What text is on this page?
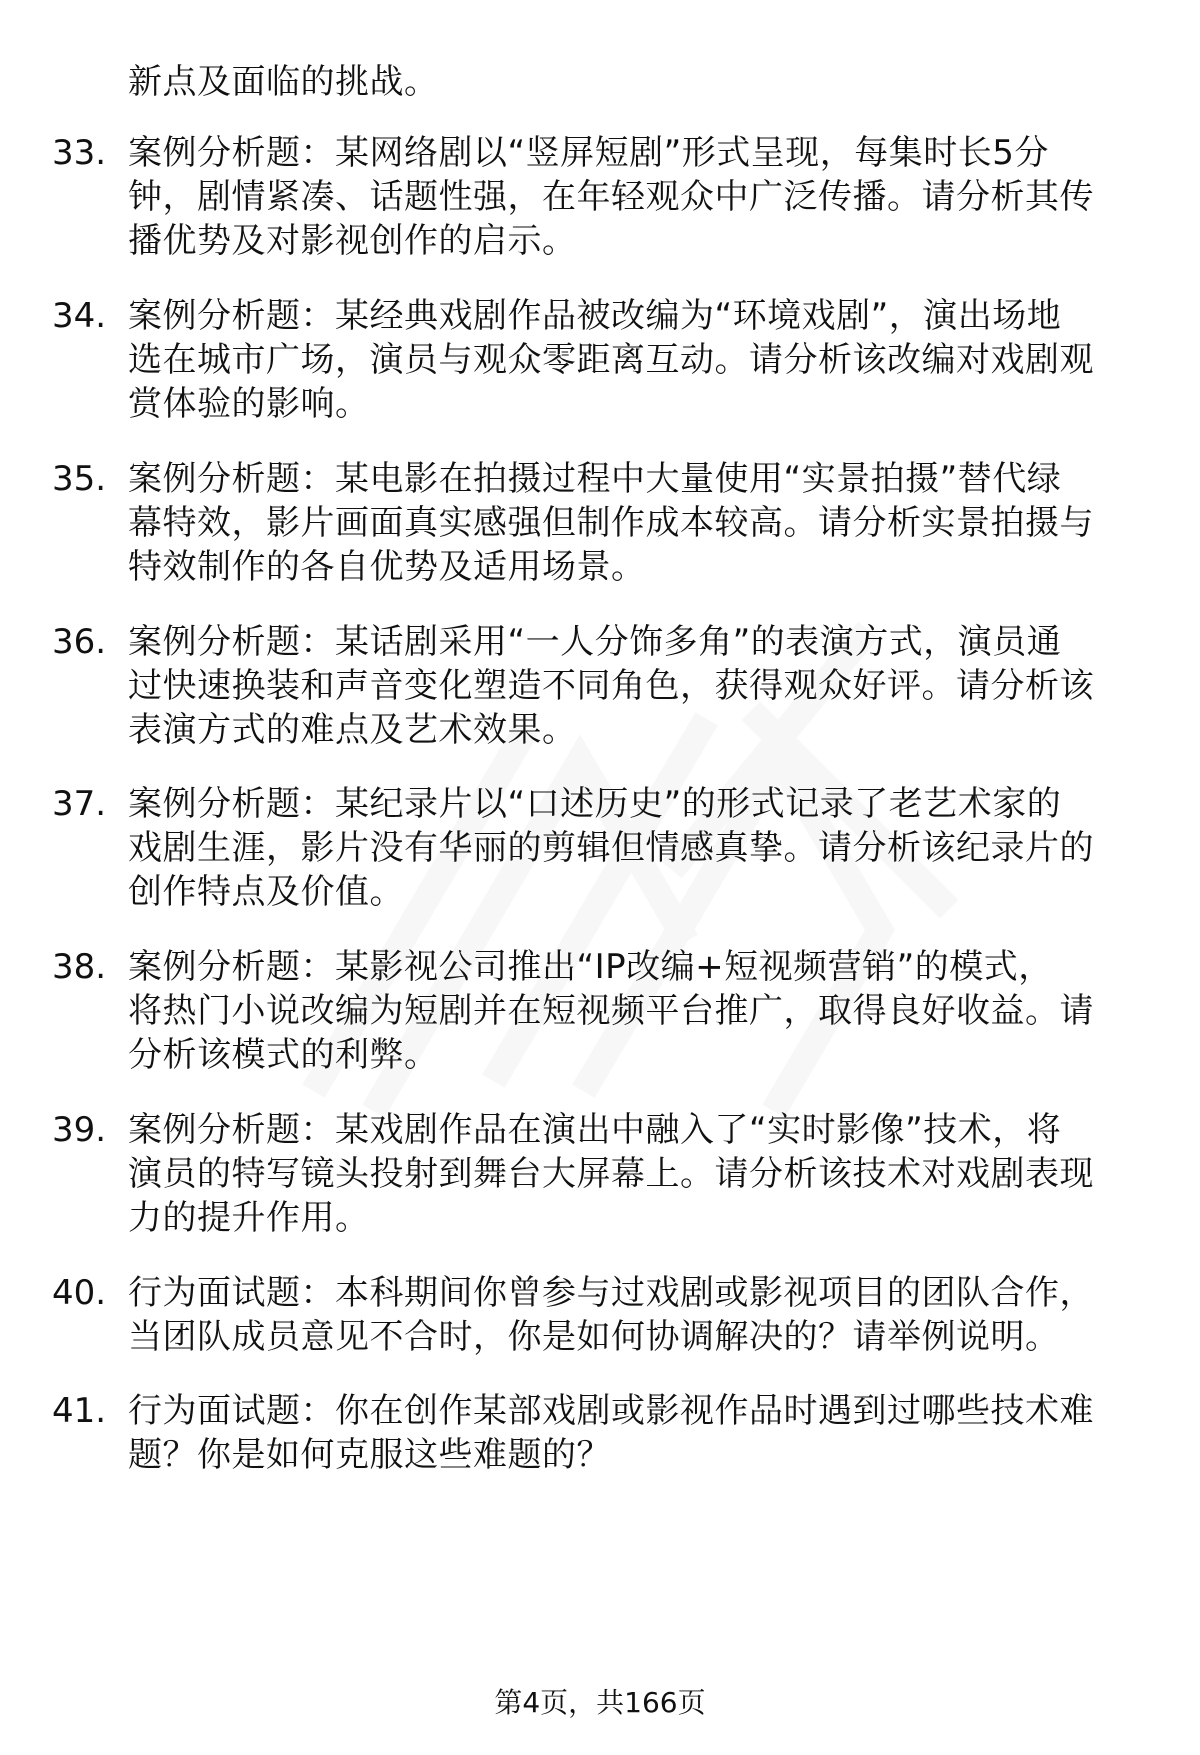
新点及面临的挑战。
33. 案例分析题：某网络剧以“竖屏短剧”形式呈现，每集时长5分
钟，剧情紧凑、话题性强，在年轻观众中广泛传播。请分析其传
播优势及对影视创作的启示。
34. 案例分析题：某经典戏剧作品被改编为“环境戏剧”，演出场地
选在城市广场，演员与观众零距离互动。请分析该改编对戏剧观
赏体验的影响。
35. 案例分析题：某电影在拍摄过程中大量使用“实景拍摄”替代绿
幕特效，影片画面真实感强但制作成本较高。请分析实景拍摄与
特效制作的各自优势及适用场景。
36. 案例分析题：某话剧采用“一人分饰多角”的表演方式，演员通
过快速换装和声音变化塑造不同角色，获得观众好评。请分析该
表演方式的难点及艺术效果。
37. 案例分析题：某纪录片以“口述历史”的形式记录了老艺术家的
戏剧生涯，影片没有华丽的剪辑但情感真挚。请分析该纪录片的
创作特点及价值。
38. 案例分析题：某影视公司推出“IP改编+短视频营销”的模式，
将热门小说改编为短剧并在短视频平台推广，取得良好收益。请
分析该模式的利弊。
39. 案例分析题：某戏剧作品在演出中融入了“实时影像”技术，将
演员的特写镜头投射到舞台大屏幕上。请分析该技术对戏剧表现
力的提升作用。
40. 行为面试题：本科期间你曾参与过戏剧或影视项目的团队合作，
当团队成员意见不合时，你是如何协调解决的？请举例说明。
41. 行为面试题：你在创作某部戏剧或影视作品时遇到过哪些技术难
题？你是如何克服这些难题的？
第4页，共166页
